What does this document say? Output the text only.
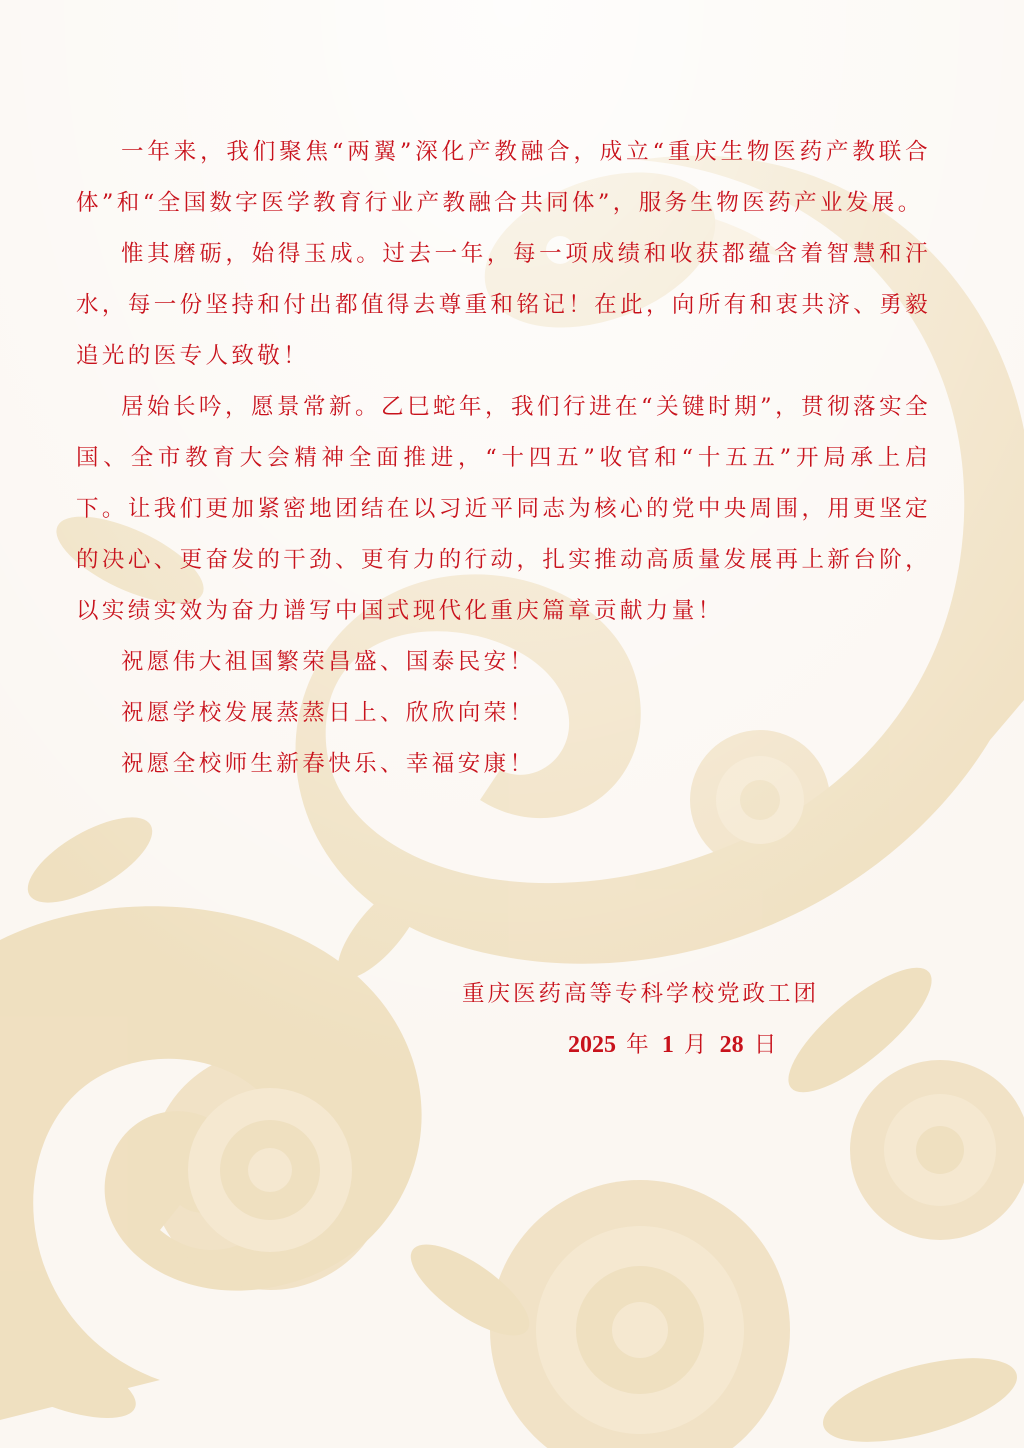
一年来，我们聚焦“两翼”深化产教融合，成立“重庆生物医药产教联合体”和“全国数字医学教育行业产教融合共同体”，服务生物医药产业发展。

惟其磨砺，始得玉成。过去一年，每一项成绩和收获都蕴含着智慧和汗水，每一份坚持和付出都值得去尊重和铭记！在此，向所有和衷共济、勇毅追光的医专人致敬！

居始长吟，愿景常新。乙巳蛇年，我们行进在“关键时期”，贯彻落实全国、全市教育大会精神全面推进，“十四五”收官和“十五五”开局承上启下。让我们更加紧密地团结在以习近平同志为核心的党中央周围，用更坚定的决心、更奋发的干劲、更有力的行动，扎实推动高质量发展再上新台阶，以实绩实效为奋力谱写中国式现代化重庆篇章贡献力量！

祝愿伟大祖国繁荣昌盛、国泰民安！

祝愿学校发展蒸蒸日上、欣欣向荣！

祝愿全校师生新春快乐、幸福安康！

重庆医药高等专科学校党政工团
2025 年 1 月 28 日
